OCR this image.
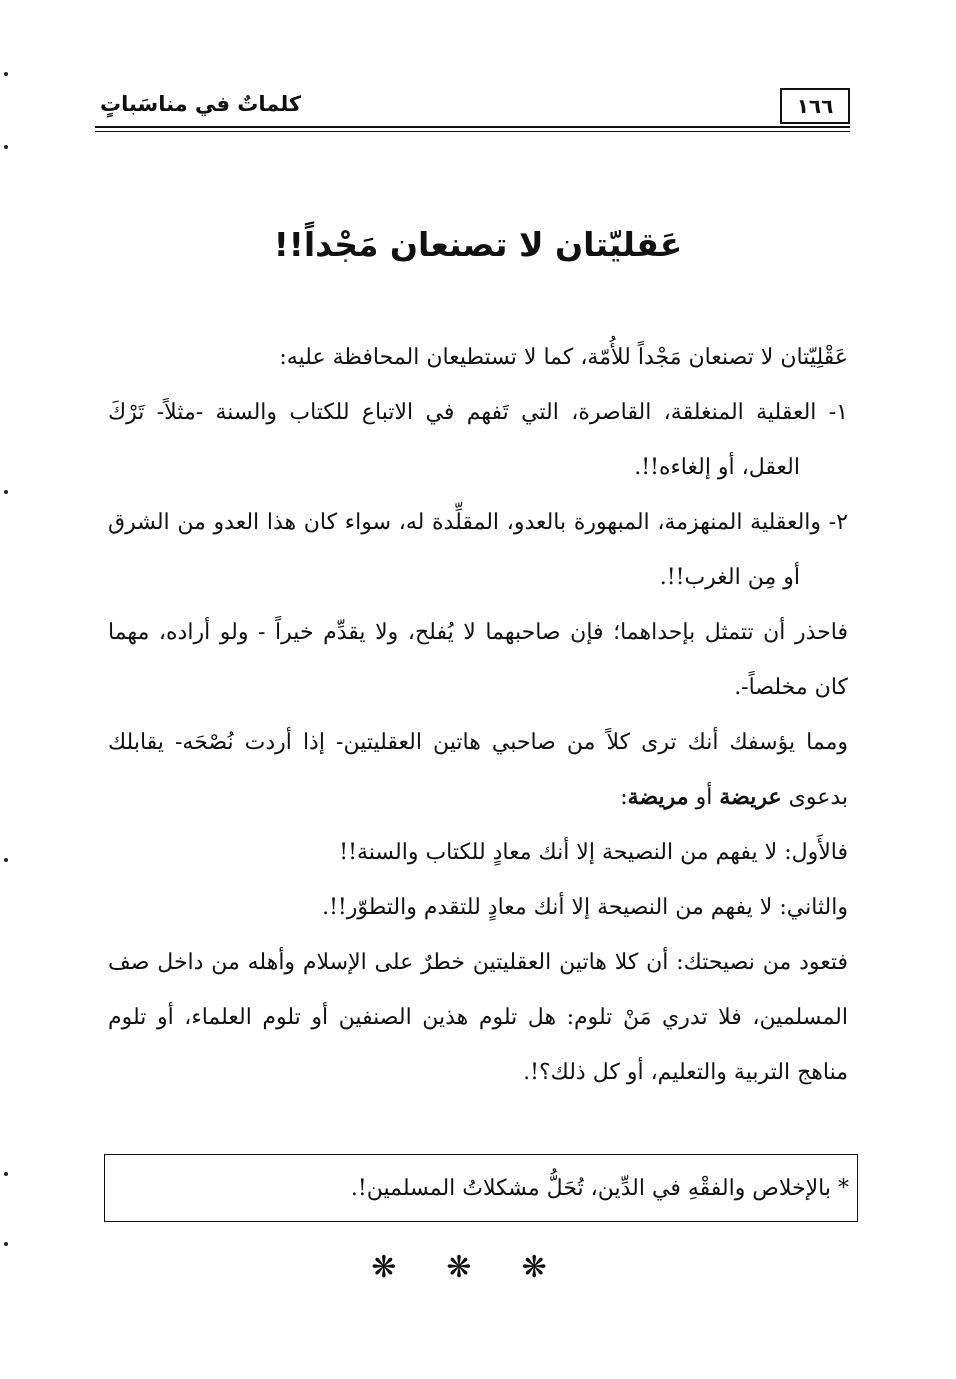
١٦٦
كلماتٌ في مناسَباتٍ
عَقليّتان لا تصنعان مَجْداً!!

عَقْلِيّتان لا تصنعان مَجْداً للأُمّة، كما لا تستطيعان المحافظة عليه:

١- العقلية المنغلقة، القاصرة، التي تَفهم في الاتباع للكتاب والسنة -مثلاً- تَرْكَ العقل، أو إلغاءه!!.

٢- والعقلية المنهزمة، المبهورة بالعدو، المقلِّدة له، سواء كان هذا العدو من الشرق أو مِن الغرب!!.

فاحذر أن تتمثل بإحداهما؛ فإن صاحبهما لا يُفلح، ولا يقدِّم خيراً - ولو أراده، مهما كان مخلصاً-.

ومما يؤسفك أنك ترى كلاً من صاحبي هاتين العقليتين- إذا أردت نُصْحَه- يقابلك بدعوى عريضة أو مريضة:

فالأَول: لا يفهم من النصيحة إلا أنك معادٍ للكتاب والسنة!!

والثاني: لا يفهم من النصيحة إلا أنك معادٍ للتقدم والتطوّر!!.

فتعود من نصيحتك: أن كلا هاتين العقليتين خطرٌ على الإسلام وأهله من داخل صف المسلمين، فلا تدري مَنْ تلوم: هل تلوم هذين الصنفين أو تلوم العلماء، أو تلوم مناهج التربية والتعليم، أو كل ذلك؟!.

* بالإخلاص والفقْهِ في الدِّين، تُحَلُّ مشكلاتُ المسلمين!.
❋ ❋ ❋
